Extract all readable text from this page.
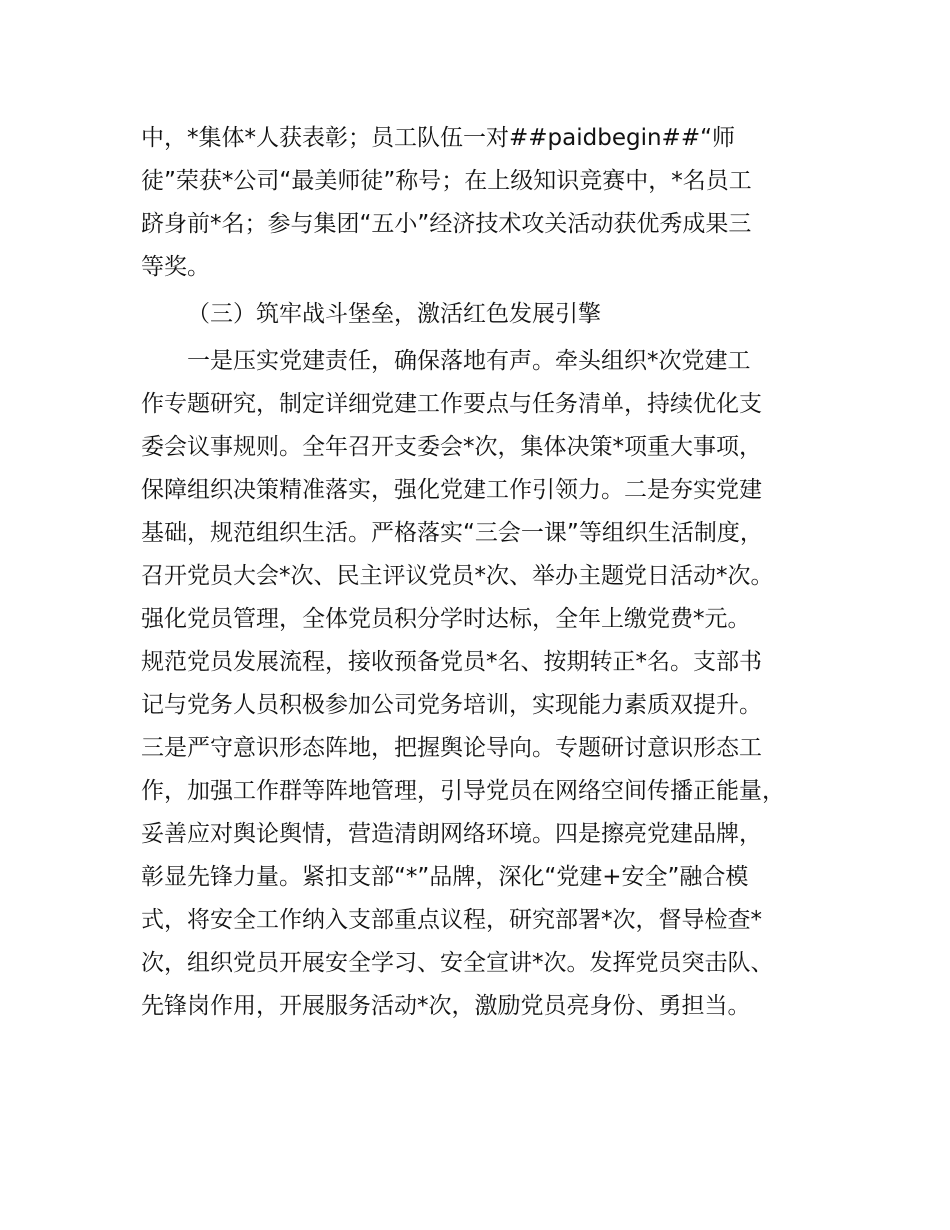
中，*集体*人获表彰；员工队伍一对##paidbegin##“师
徒”荣获*公司“最美师徒”称号；在上级知识竞赛中，*名员工
跻身前*名；参与集团“五小”经济技术攻关活动获优秀成果三
等奖。
（三）筑牢战斗堡垒，激活红色发展引擎
一是压实党建责任，确保落地有声。牵头组织*次党建工
作专题研究，制定详细党建工作要点与任务清单，持续优化支
委会议事规则。全年召开支委会*次，集体决策*项重大事项，
保障组织决策精准落实，强化党建工作引领力。二是夯实党建
基础，规范组织生活。严格落实“三会一课”等组织生活制度，
召开党员大会*次、民主评议党员*次、举办主题党日活动*次。
强化党员管理，全体党员积分学时达标，全年上缴党费*元。
规范党员发展流程，接收预备党员*名、按期转正*名。支部书
记与党务人员积极参加公司党务培训，实现能力素质双提升。
三是严守意识形态阵地，把握舆论导向。专题研讨意识形态工
作，加强工作群等阵地管理，引导党员在网络空间传播正能量，
妥善应对舆论舆情，营造清朗网络环境。四是擦亮党建品牌，
彰显先锋力量。紧扣支部“*”品牌，深化“党建+安全”融合模
式，将安全工作纳入支部重点议程，研究部署*次，督导检查*
次，组织党员开展安全学习、安全宣讲*次。发挥党员突击队、
先锋岗作用，开展服务活动*次，激励党员亮身份、勇担当。
